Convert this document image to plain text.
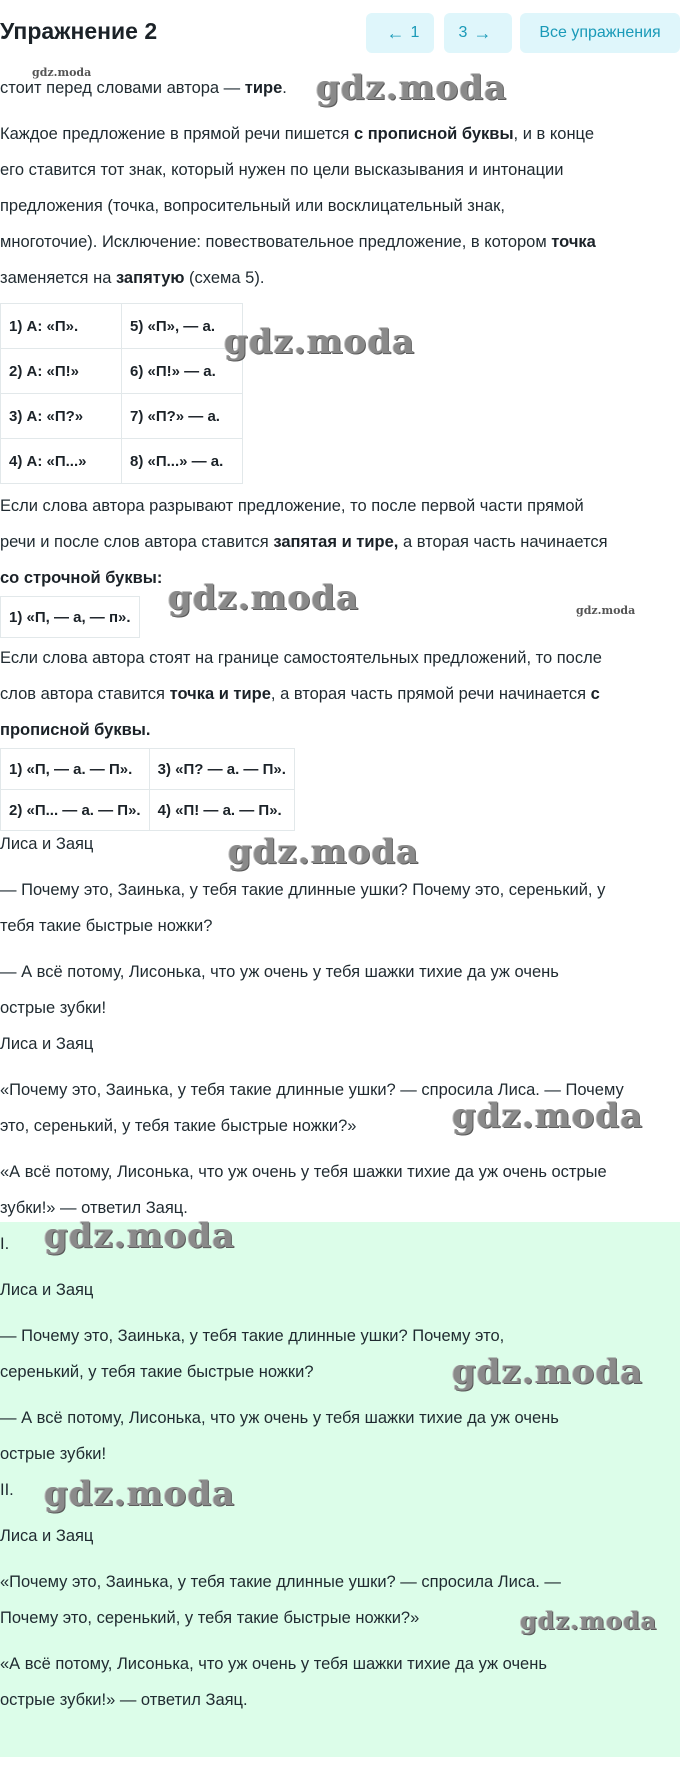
Упражнение 2	← 1 3 →	Все упражнения

стоит перед словами автора — тире.

Каждое предложение в прямой речи пишется с прописной буквы, и в конце

его ставится тот знак, который нужен по цели высказывания и интонации

предложения (точка, вопросительный или восклицательный знак,

многоточие). Исключение: повествовательное предложение, в котором точка

заменяется на запятую (схема 5).

1) А: «П».	5) «П», — а.
2) А: «П!»	6) «П!» — а.
3) А: «П?»	7) «П?» — а.
4) А: «П...»	8) «П...» — а.

Если слова автора разрывают предложение, то после первой части прямой

речи и после слов автора ставится запятая и тире, а вторая часть начинается

со строчной буквы:

1) «П, — а, — п».

Если слова автора стоят на границе самостоятельных предложений, то после

слов автора ставится точка и тире, а вторая часть прямой речи начинается с

прописной буквы.

1) «П, — а. — П».	3) «П? — а. — П».
2) «П... — а. — П».	4) «П! — а. — П».

Лиса и Заяц

— Почему это, Заинька, у тебя такие длинные ушки? Почему это, серенький, у

тебя такие быстрые ножки?

— А всё потому, Лисонька, что уж очень у тебя шажки тихие да уж очень

острые зубки!

Лиса и Заяц

«Почему это, Заинька, у тебя такие длинные ушки? — спросила Лиса. — Почему

это, серенький, у тебя такие быстрые ножки?»

«А всё потому, Лисонька, что уж очень у тебя шажки тихие да уж очень острые

зубки!» — ответил Заяц.

I.

Лиса и Заяц

— Почему это, Заинька, у тебя такие длинные ушки? Почему это,

серенький, у тебя такие быстрые ножки?

— А всё потому, Лисонька, что уж очень у тебя шажки тихие да уж очень

острые зубки!

II.

Лиса и Заяц

«Почему это, Заинька, у тебя такие длинные ушки? — спросила Лиса. —

Почему это, серенький, у тебя такие быстрые ножки?»

«А всё потому, Лисонька, что уж очень у тебя шажки тихие да уж очень

острые зубки!» — ответил Заяц.

gdz.moda	gdz.moda
gdz.moda
gdz.moda	gdz.moda
gdz.moda
gdz.moda
gdz.moda
gdz.moda
gdz.moda
gdz.moda
